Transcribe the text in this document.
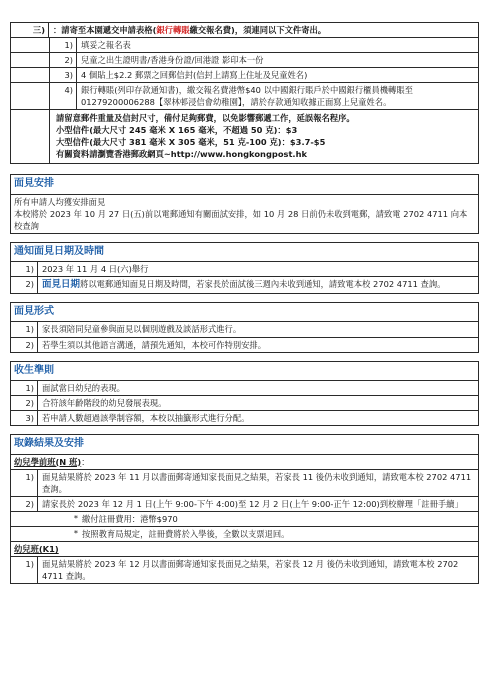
三) ：請寄至本園遞交申請表格(銀行轉賬繳交報名費)，須連同以下文件寄出。
1) 填妥之報名表
2) 兒童之出生證明書/香港身份證/回港證 影印本一份
3) 4 個貼上$2.2 郵票之回郵信封(信封上請寫上住址及兒童姓名)
4) 銀行轉賬(列印存款通知書)，繳交報名費港幣$40 以中國銀行賬戶於中國銀行櫃員機轉賬至 01279200006288【翠林邨浸信會幼稚園】，請於存款通知收據正面寫上兒童姓名。
請留意郵件重量及信封尺寸，備付足夠郵費，以免影響郵遞工作，延誤報名程序。
小型信件(最大尺寸 245 毫米 X 165 毫米，不超過 50 克)：$3
大型信件(最大尺寸 381 毫米 X 305 毫米，51 克-100 克)：$3.7-$5
有關資料請瀏覽香港郵政網頁~http://www.hongkongpost.hk
面見安排
所有申請人均獲安排面見
本校將於 2023 年 10 月 27 日(五)前以電郵通知有關面試安排，如 10 月 28 日前仍未收到電郵，請致電 2702 4711 向本校查詢
通知面見日期及時間
1) 2023 年 11 月 4 日(六)舉行
2) 面見日期將以電郵通知面見日期及時間，若家長於面試後三週內未收到通知，請致電本校 2702 4711 查詢。
面見形式
1) 家長須陪同兒童參與面見以個別遊戲及談話形式進行。
2) 若學生須以其他語言溝通，請預先通知，本校可作特別安排。
收生準則
1) 面試當日幼兒的表現。
2) 合符該年齡階段的幼兒發展表現。
3) 若申請人數超過該學制容額，本校以抽籤形式進行分配。
取錄結果及安排
幼兒學前班(N 班)：
1) 面見結果將於 2023 年 11 月以書面郵寄通知家長面見之結果，若家長 11 後仍未收到通知，請致電本校 2702 4711 查詢。
2) 請家長於 2023 年 12 月 1 日(上午 9:00-下午 4:00)至 12 月 2 日(上午 9:00-正午 12:00)到校辦理「註冊手續」
* 繳付註冊費用：港幣$970
* 按照教育局規定，註冊費將於入學後，全數以支票退回。
幼兒班(K1)
1) 面見結果將於 2023 年 12 月以書面郵寄通知家長面見之結果，若家長 12 月 後仍未收到通知，請致電本校 2702 4711 查詢。
